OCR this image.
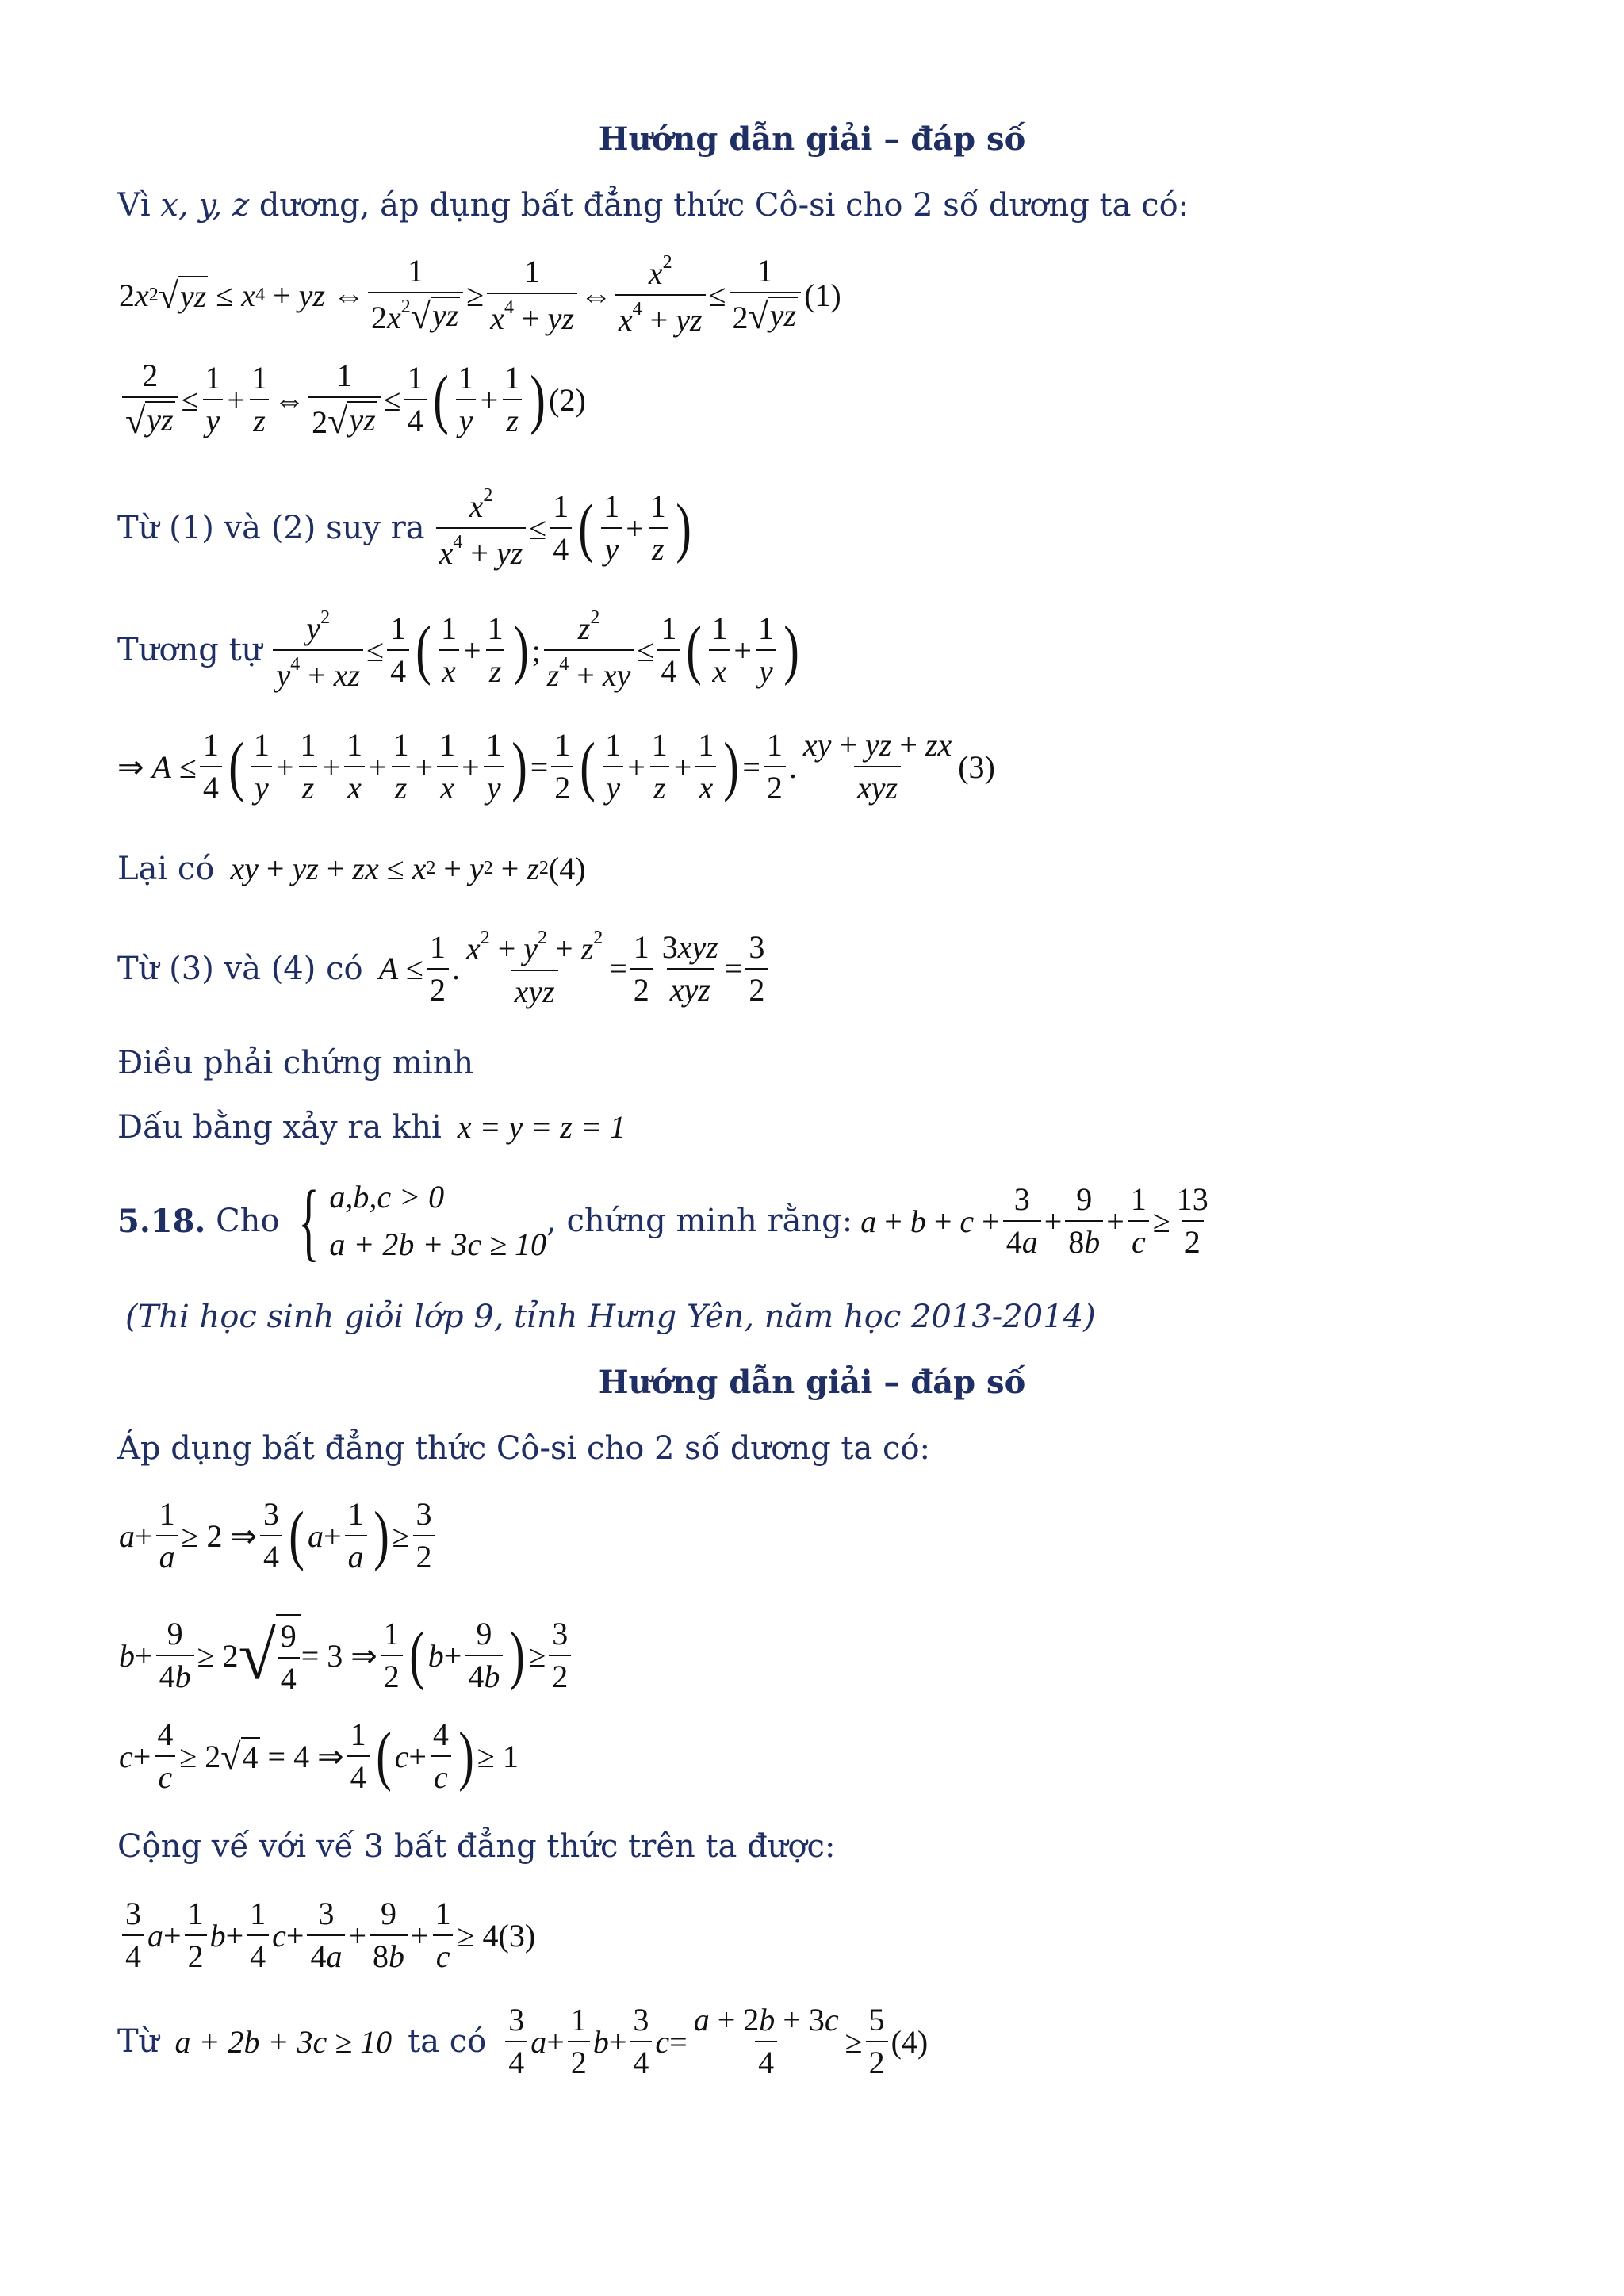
Hướng dẫn giải – đáp số
Vì x, y, z dương, áp dụng bất đẳng thức Cô-si cho 2 số dương ta có:
2 x 2 √ yz ≤ x 4 + yz ⇔ $\frac{1}{2x^2 √ yz} \ge \frac{1}{x^4 + yz}$ ⇔ $\frac{x^2}{x^4 + yz} \le \frac{1}{2 √ yz} (1)$
$\frac{2}{√ yz} \le \frac{1}{y} + \frac{1}{z}$ ⇔ $\frac{1}{2 √ yz} \le \frac{1}{4}$ ( $\frac{1}{y} + \frac{1}{z}$ ) (2)
Từ (1) và (2) suy ra $\frac{x^2}{x^4 + yz} \le \frac{1}{4}$ ( $\frac{1}{y} + \frac{1}{z}$ )
Tương tự $\frac{y^2}{y^4 + xz} \le \frac{1}{4}$ ( $\frac{1}{x} + \frac{1}{z}$ ) ; $\frac{z^2}{z^4 + xy} \le \frac{1}{4}$ ( $\frac{1}{x} + \frac{1}{y}$ )
⇒ $A \le \frac{1}{4}$ ( $\frac{1}{y} + \frac{1}{z} + \frac{1}{x} + \frac{1}{z} + \frac{1}{x} + \frac{1}{y}$ ) = $\frac{1}{2}$ ( $\frac{1}{y} + \frac{1}{z} + \frac{1}{x}$ ) = $\frac{1}{2}$ . $\frac{xy + yz + zx}{\text{xyz}} (3)$
Lại có xy + yz + zx ≤ x 2 + y 2 + z 2 (4)
Từ (3) và (4) có $A \le \frac{1}{2}$ . $\frac{x^2 + y^2 + z^2}{\text{xyz}} = \frac{1}{2} \frac{\text{3xyz}}{\text{xyz}} = \frac{3}{2}$
Điều phải chứng minh
Dấu bằng xảy ra khi x = y = z = 1
5.18.
Cho { a,b,c > 0
a + 2b + 3c ≥ 10
, chứng minh rằng: $a + b + c + \frac{3}{4a} + \frac{9}{8b} + \frac{1}{c} \ge \frac{13}{2}$
(Thi học sinh giỏi lớp 9, tỉnh Hưng Yên, năm học 2013-2014)
Hướng dẫn giải – đáp số
Áp dụng bất đẳng thức Cô-si cho 2 số dương ta có:
$a + \frac{1}{a} \ge 2$ ⇒ $\frac{3}{4}$ ( $a + \frac{1}{a}$ ) ≥ $\frac{3}{2}$
$b + \frac{9}{4b} \ge 2$ √ $\frac{9}{4} = 3$ ⇒ $\frac{1}{2}$ ( $b + \frac{9}{4b}$ ) ≥ $\frac{3}{2}$
$c + \frac{4}{c} \ge 2$ √ 4 = 4 ⇒ $\frac{1}{4}$ ( $c + \frac{4}{c}$ ) ≥ 1
Cộng vế với vế 3 bất đẳng thức trên ta được:
$\frac{3}{4}$ $a + \frac{1}{2}$ $b + \frac{1}{4}$ $c + \frac{3}{4a} + \frac{9}{8b} + \frac{1}{c} \ge 4$ (3)
Từ a + 2b + 3c ≥ 10 ta có $\frac{3}{4}$ $a + \frac{1}{2}$ $b + \frac{3}{4}$ $c = \frac{a + 2b + 3c}{4} \ge \frac{5}{2} (4)$
